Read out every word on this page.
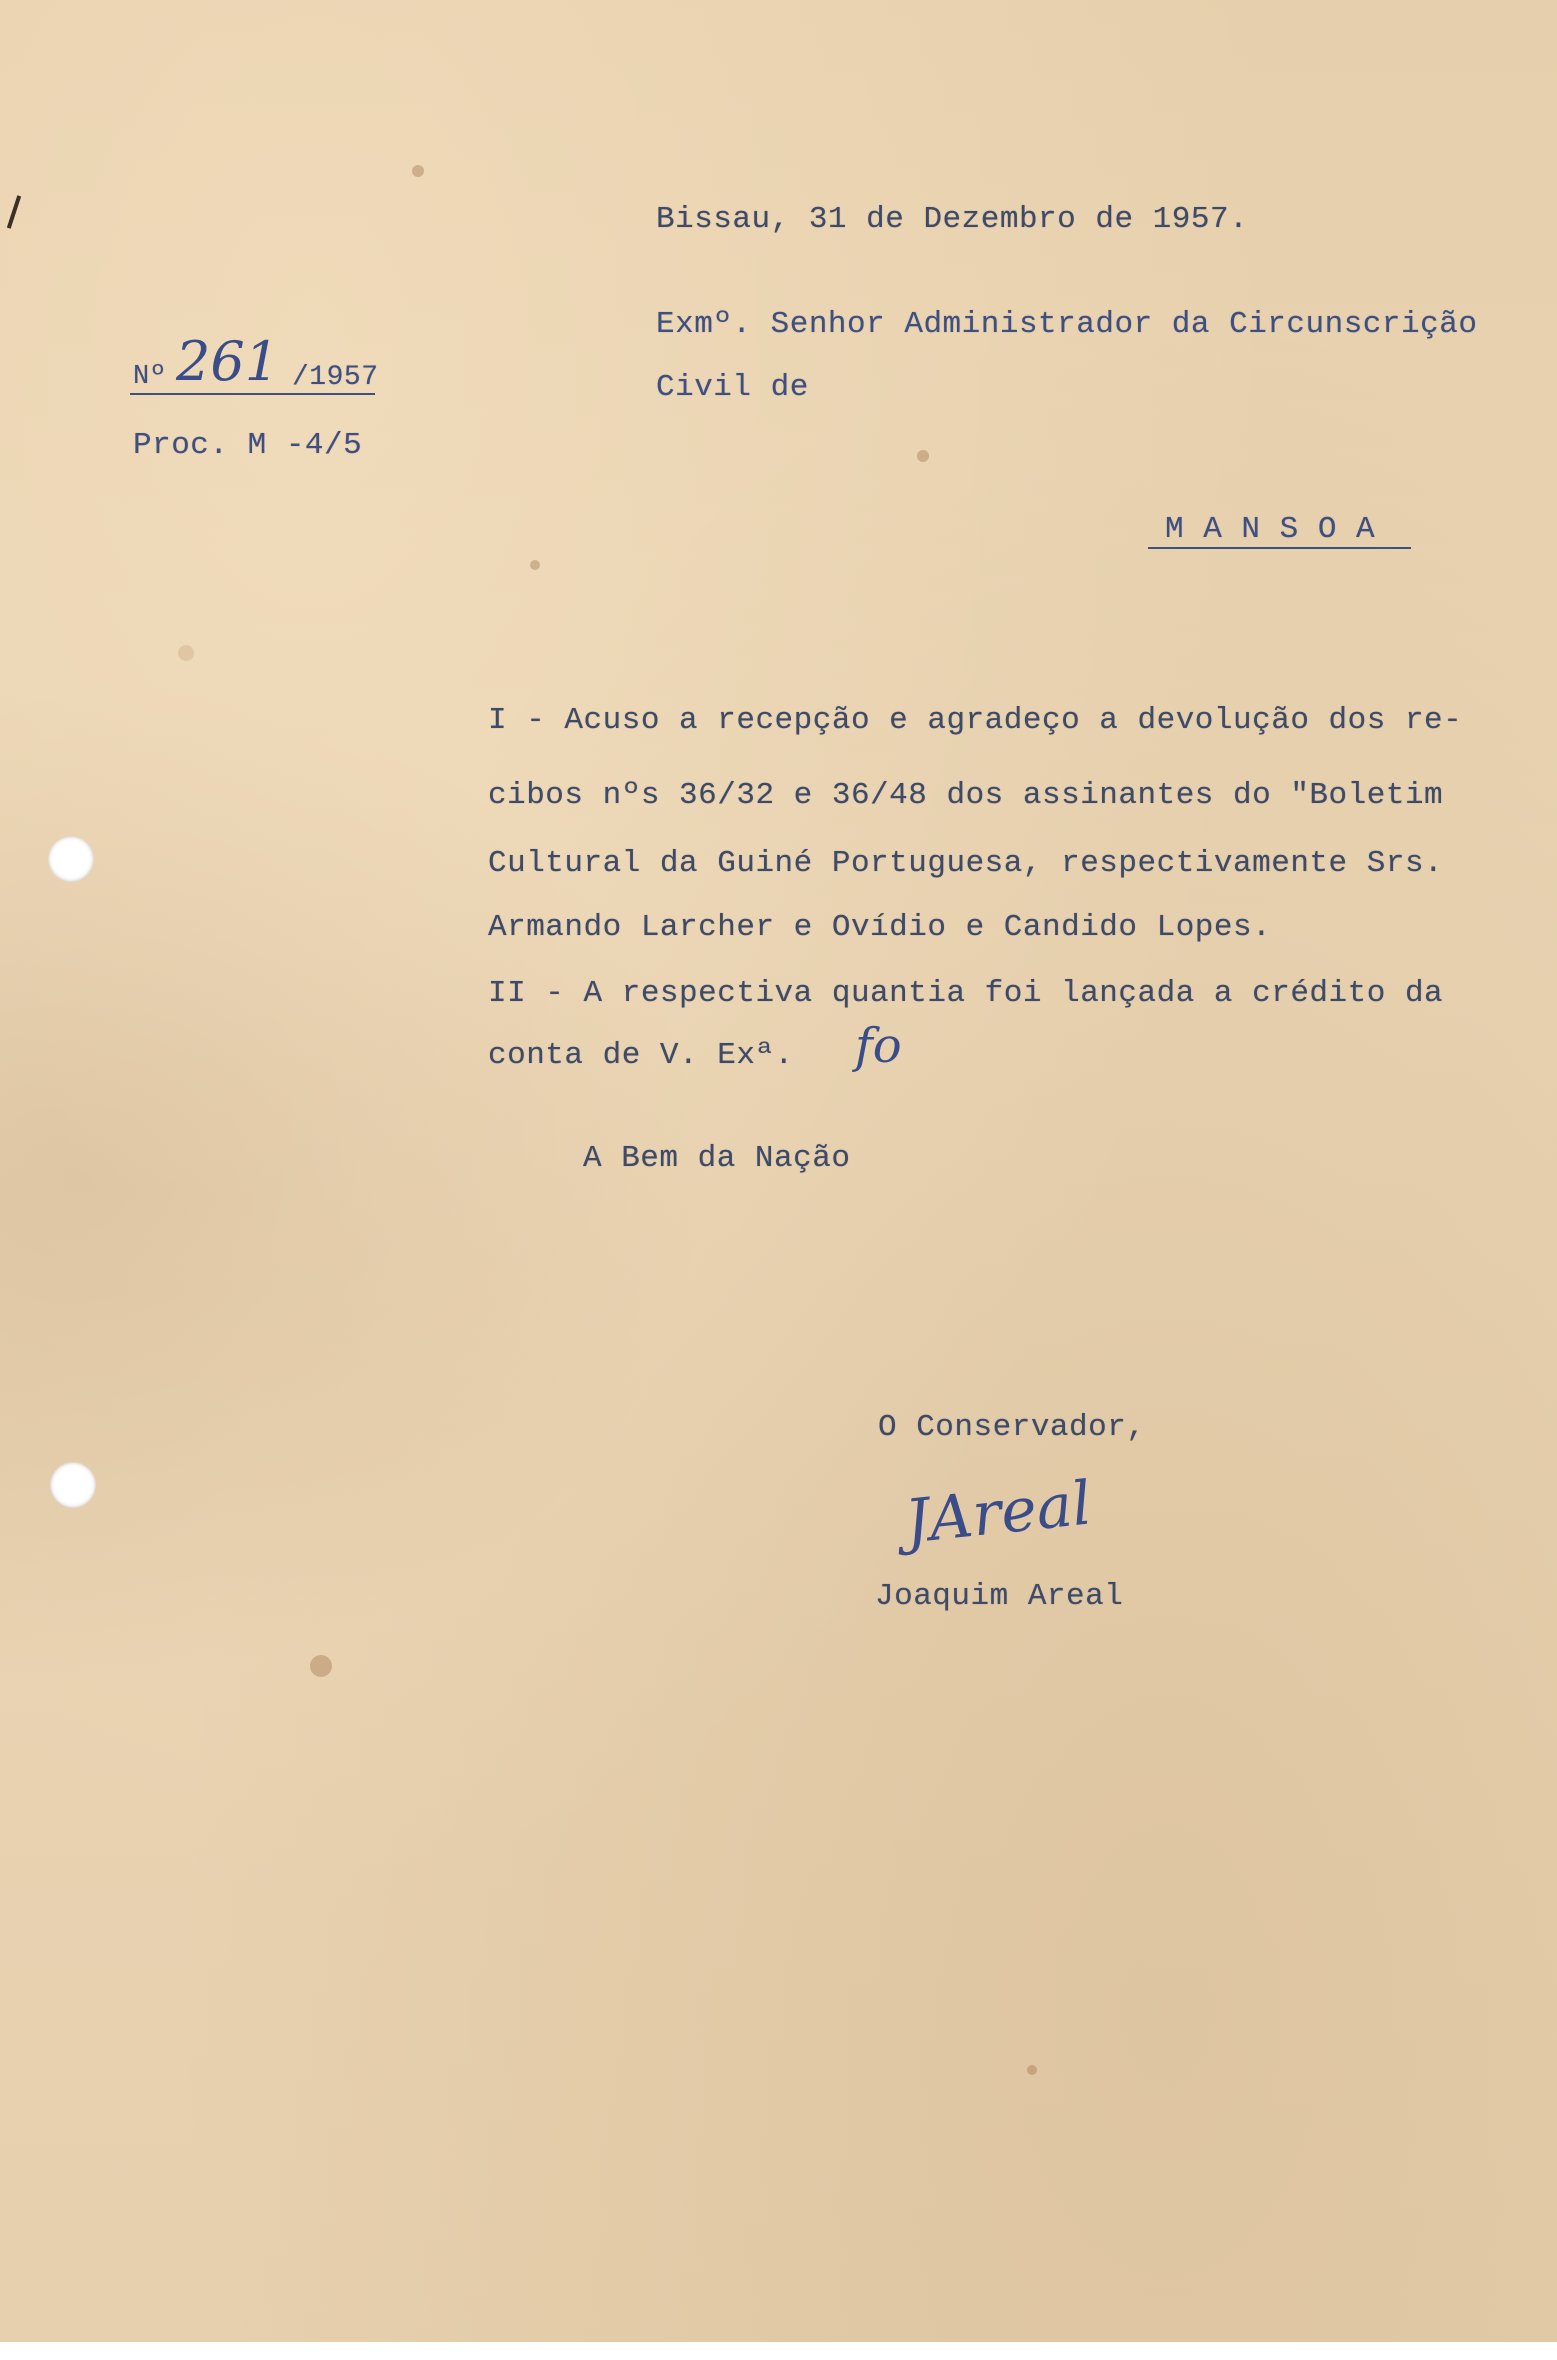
Bissau, 31 de Dezembro de 1957.
Exmº. Senhor Administrador da Circunscrição
Civil de
Nº 261 /1957
Proc. M -4/5
M A N S O A
I - Acuso a recepção e agradeço a devolução dos re-
cibos nºs 36/32 e 36/48 dos assinantes do "Boletim
Cultural da Guiné Portuguesa, respectivamente Srs.
Armando Larcher e Ovídio e Candido Lopes.
II - A respectiva quantia foi lançada a crédito da
conta de V. Exª. fo
A Bem da Nação
O Conservador,
JAreal
Joaquim Areal
